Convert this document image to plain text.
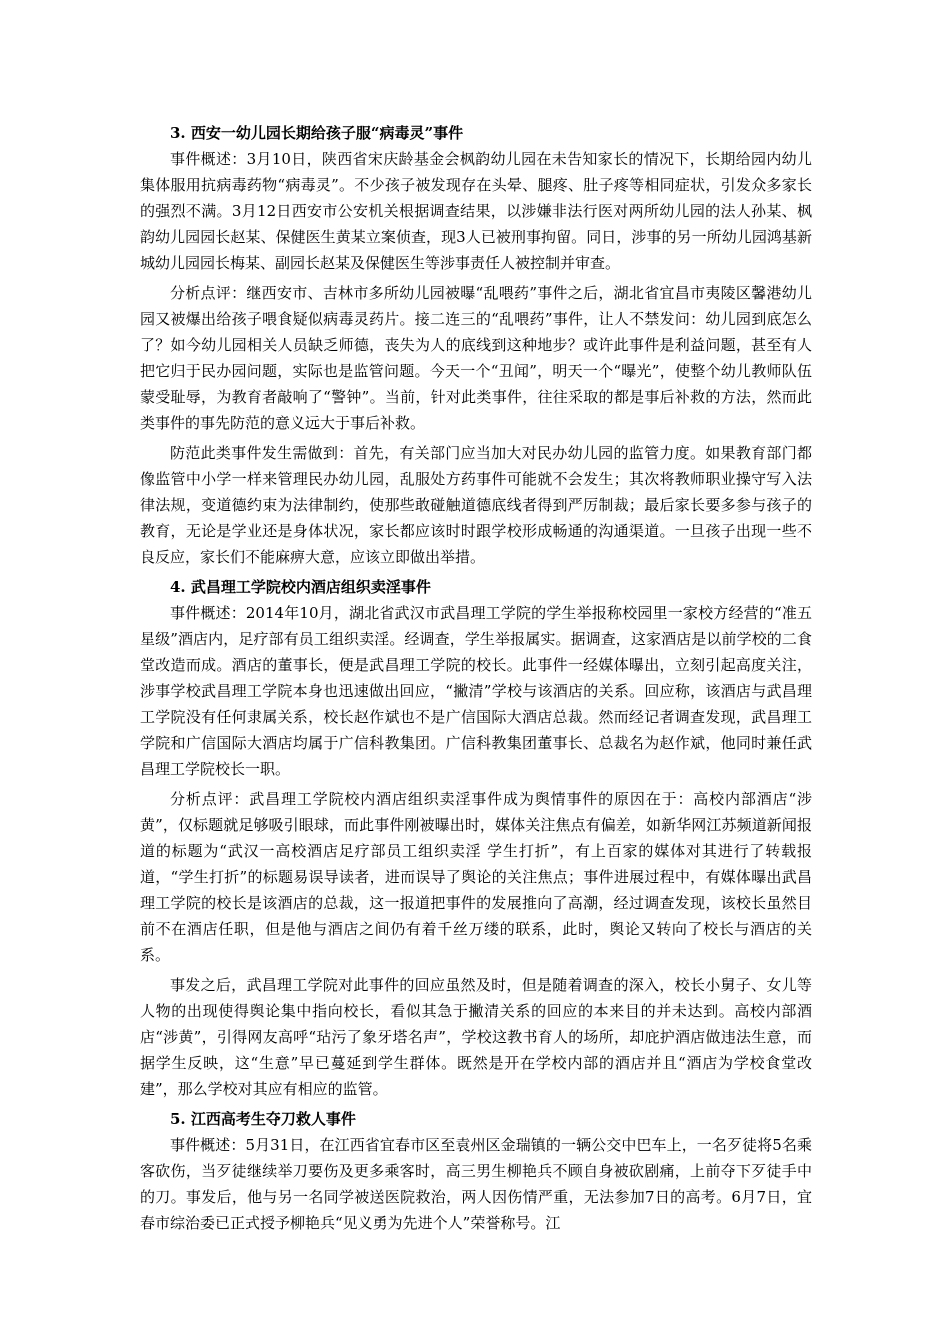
3. 西安一幼儿园长期给孩子服“病毒灵”事件

事件概述：3月10日，陕西省宋庆龄基金会枫韵幼儿园在未告知家长的情况下，长期给园内幼儿集体服用抗病毒药物“病毒灵”。不少孩子被发现存在头晕、腿疼、肚子疼等相同症状，引发众多家长的强烈不满。3月12日西安市公安机关根据调查结果，以涉嫌非法行医对两所幼儿园的法人孙某、枫韵幼儿园园长赵某、保健医生黄某立案侦查，现3人已被刑事拘留。同日，涉事的另一所幼儿园鸿基新城幼儿园园长梅某、副园长赵某及保健医生等涉事责任人被控制并审查。

分析点评：继西安市、吉林市多所幼儿园被曝“乱喂药”事件之后，湖北省宜昌市夷陵区馨港幼儿园又被爆出给孩子喂食疑似病毒灵药片。接二连三的“乱喂药”事件，让人不禁发问：幼儿园到底怎么了？如今幼儿园相关人员缺乏师德，丧失为人的底线到这种地步？或许此事件是利益问题，甚至有人把它归于民办园问题，实际也是监管问题。今天一个“丑闻”，明天一个“曝光”，使整个幼儿教师队伍蒙受耻辱，为教育者敲响了“警钟”。当前，针对此类事件，往往采取的都是事后补救的方法，然而此类事件的事先防范的意义远大于事后补救。

防范此类事件发生需做到：首先，有关部门应当加大对民办幼儿园的监管力度。如果教育部门都像监管中小学一样来管理民办幼儿园，乱服处方药事件可能就不会发生；其次将教师职业操守写入法律法规，变道德约束为法律制约，使那些敢碰触道德底线者得到严厉制裁；最后家长要多参与孩子的教育，无论是学业还是身体状况，家长都应该时时跟学校形成畅通的沟通渠道。一旦孩子出现一些不良反应，家长们不能麻痹大意，应该立即做出举措。

4. 武昌理工学院校内酒店组织卖淫事件

事件概述：2014年10月，湖北省武汉市武昌理工学院的学生举报称校园里一家校方经营的“准五星级”酒店内，足疗部有员工组织卖淫。经调查，学生举报属实。据调查，这家酒店是以前学校的二食堂改造而成。酒店的董事长，便是武昌理工学院的校长。此事件一经媒体曝出，立刻引起高度关注，涉事学校武昌理工学院本身也迅速做出回应，“撇清”学校与该酒店的关系。回应称，该酒店与武昌理工学院没有任何隶属关系，校长赵作斌也不是广信国际大酒店总裁。然而经记者调查发现，武昌理工学院和广信国际大酒店均属于广信科教集团。广信科教集团董事长、总裁名为赵作斌，他同时兼任武昌理工学院校长一职。

分析点评：武昌理工学院校内酒店组织卖淫事件成为舆情事件的原因在于：高校内部酒店“涉黄”，仅标题就足够吸引眼球，而此事件刚被曝出时，媒体关注焦点有偏差，如新华网江苏频道新闻报道的标题为“武汉一高校酒店足疗部员工组织卖淫 学生打折”，有上百家的媒体对其进行了转载报道，“学生打折”的标题易误导读者，进而误导了舆论的关注焦点；事件进展过程中，有媒体曝出武昌理工学院的校长是该酒店的总裁，这一报道把事件的发展推向了高潮，经过调查发现，该校长虽然目前不在酒店任职，但是他与酒店之间仍有着千丝万缕的联系，此时，舆论又转向了校长与酒店的关系。

事发之后，武昌理工学院对此事件的回应虽然及时，但是随着调查的深入，校长小舅子、女儿等人物的出现使得舆论集中指向校长，看似其急于撇清关系的回应的本来目的并未达到。高校内部酒店“涉黄”，引得网友高呼“玷污了象牙塔名声”，学校这教书育人的场所，却庇护酒店做违法生意，而据学生反映，这“生意”早已蔓延到学生群体。既然是开在学校内部的酒店并且“酒店为学校食堂改建”，那么学校对其应有相应的监管。

5. 江西高考生夺刀救人事件

事件概述：5月31日，在江西省宜春市区至袁州区金瑞镇的一辆公交中巴车上，一名歹徒将5名乘客砍伤，当歹徒继续举刀要伤及更多乘客时，高三男生柳艳兵不顾自身被砍剧痛，上前夺下歹徒手中的刀。事发后，他与另一名同学被送医院救治，两人因伤情严重，无法参加7日的高考。6月7日，宜春市综治委已正式授予柳艳兵“见义勇为先进个人”荣誉称号。江
